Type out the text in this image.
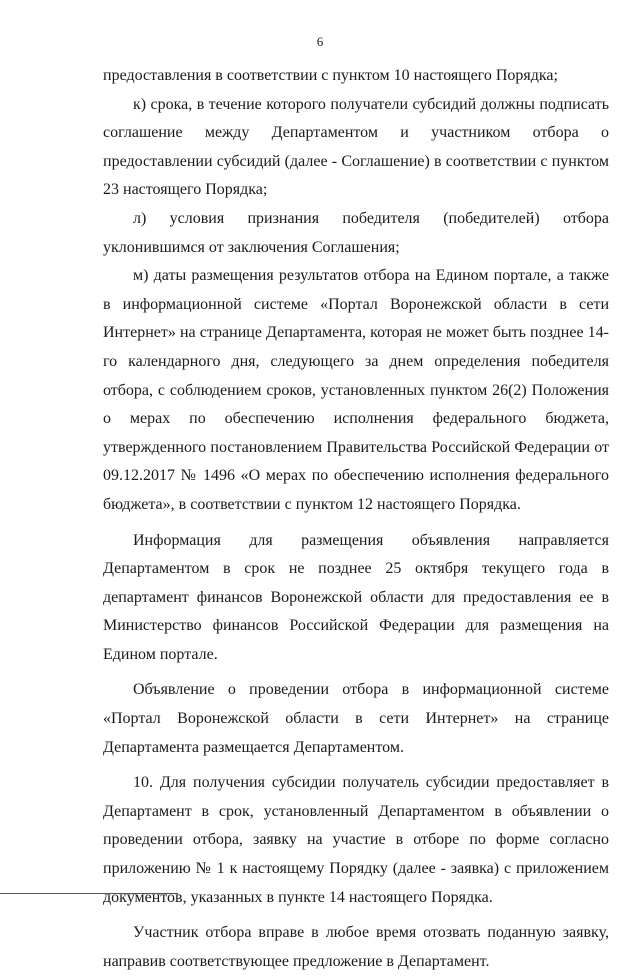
6

предоставления в соответствии с пунктом 10 настоящего Порядка;

к) срока, в течение которого получатели субсидий должны подписать соглашение между Департаментом и участником отбора о предоставлении субсидий (далее - Соглашение) в соответствии с пунктом 23 настоящего Порядка;

л) условия признания победителя (победителей) отбора уклонившимся от заключения Соглашения;

м) даты размещения результатов отбора на Едином портале, а также в информационной системе «Портал Воронежской области в сети Интернет» на странице Департамента, которая не может быть позднее 14-го календарного дня, следующего за днем определения победителя отбора, с соблюдением сроков, установленных пунктом 26(2) Положения о мерах по обеспечению исполнения федерального бюджета, утвержденного постановлением Правительства Российской Федерации от 09.12.2017 № 1496 «О мерах по обеспечению исполнения федерального бюджета», в соответствии с пунктом 12 настоящего Порядка.

Информация для размещения объявления направляется Департаментом в срок не позднее 25 октября текущего года в департамент финансов Воронежской области для предоставления ее в Министерство финансов Российской Федерации для размещения на Едином портале.

Объявление о проведении отбора в информационной системе «Портал Воронежской области в сети Интернет» на странице Департамента размещается Департаментом.

10. Для получения субсидии получатель субсидии предоставляет в Департамент в срок, установленный Департаментом в объявлении о проведении отбора, заявку на участие в отборе по форме согласно приложению № 1 к настоящему Порядку (далее - заявка) с приложением документов, указанных в пункте 14 настоящего Порядка.

Участник отбора вправе в любое время отозвать поданную заявку, направив соответствующее предложение в Департамент.
